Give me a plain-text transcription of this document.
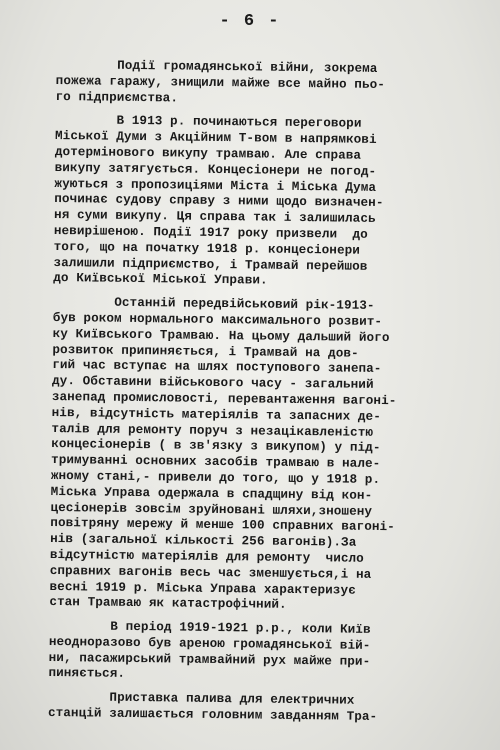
- 6 -
Події громадянської війни, зокрема
пожежа гаражу, знищили майже все майно пьо-
го підприємства.
В 1913 р. починаються переговори
Міської Думи з Акційним Т-вом в напрямкові
дотермінового викупу трамваю. Але справа
викупу затягується. Концесіонери не погод-
жуються з пропозиціями Міста і Міська Дума
починає судову справу з ними щодо визначен-
ня суми викупу. Ця справа так і залишилась
невирішеною. Події 1917 року призвели  до
того, що на початку 1918 р. концесіонери
залишили підприємство, і Трамвай перейшов
до Київської Міської Управи.
Останній передвійськовий рік-1913-
був роком нормального максимального розвит-
ку Київського Трамваю. На цьому дальший його
розвиток припиняється, і Трамвай на дов-
гий час вступає на шлях поступового занепа-
ду. Обставини військового часу - загальний
занепад промисловості, перевантаження вагоні-
нів, відсутність матеріялів та запасних де-
талів для ремонту поруч з незацікавленістю
концесіонерів ( в зв'язку з викупом) у під-
тримуванні основних засобів трамваю в нале-
жному стані,- привели до того, що у 1918 р.
Міська Управа одержала в спадщину від кон-
цесіонерів зовсім зруйновані шляхи,зношену
повітряну мережу й менше 100 справних вагоні-
нів (загальної кількості 256 вагонів).За
відсутністю матеріялів для ремонту  число
справних вагонів весь час зменшується,і на
весні 1919 р. Міська Управа характеризує
стан Трамваю як катастрофічний.
В період 1919-1921 р.р., коли Київ
неодноразово був ареною громадянської вій-
ни, пасажирський трамвайний рух майже при-
пиняється.
Приставка палива для електричних
станцій залишається головним завданням Тра-
